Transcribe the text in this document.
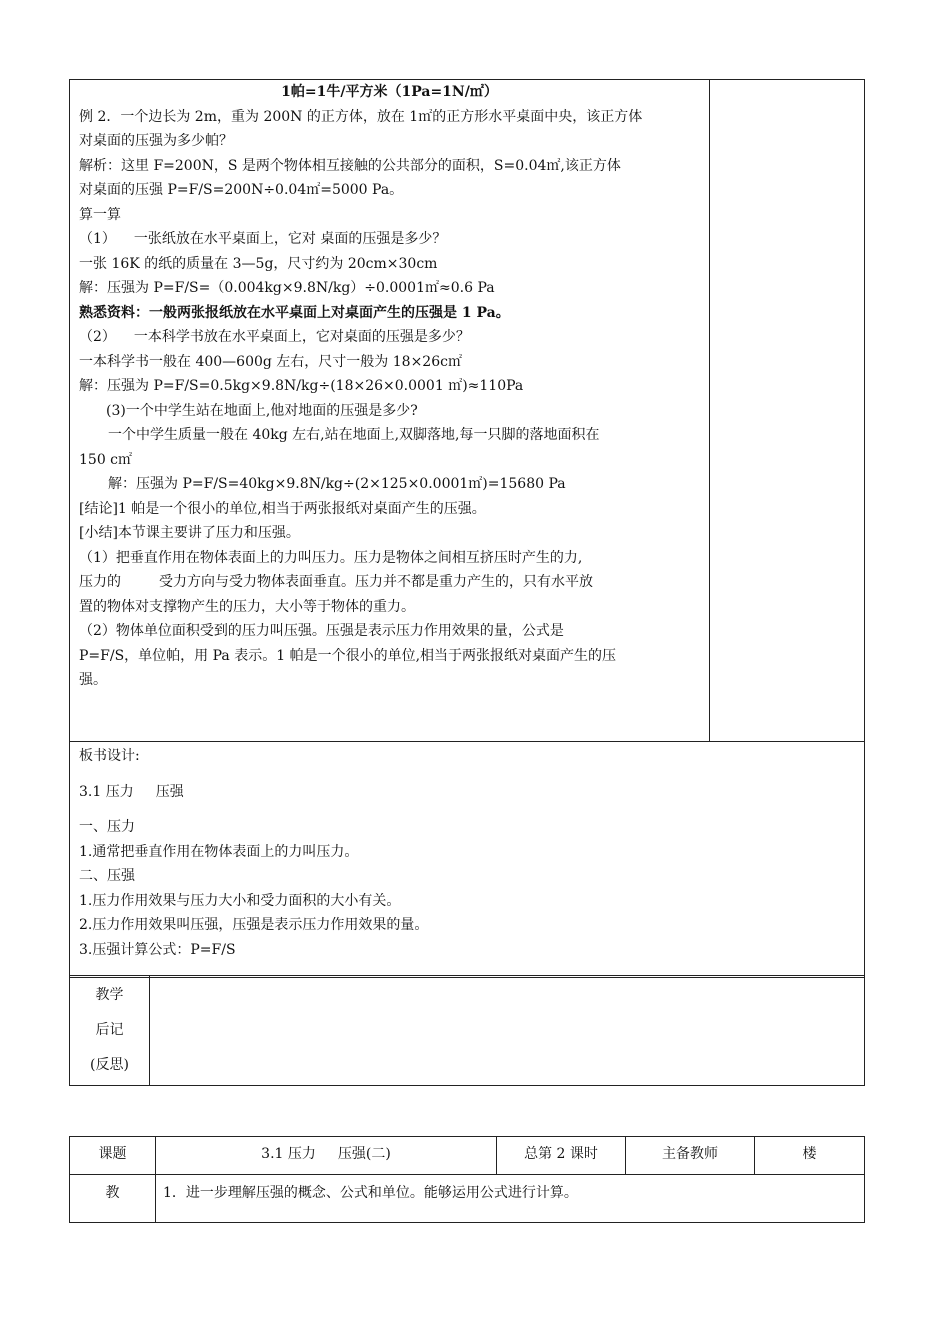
1帕=1牛/平方米（1Pa=1N/㎡）
例 2．一个边长为 2m，重为 200N 的正方体，放在 1㎡的正方形水平桌面中央，该正方体
对桌面的压强为多少帕？
解析：这里 F=200N，S 是两个物体相互接触的公共部分的面积，S=0.04㎡,该正方体
对桌面的压强 P=F/S=200N÷0.04㎡=5000 Pa。
算一算
（1） 一张纸放在水平桌面上，它对 桌面的压强是多少？
一张 16K 的纸的质量在 3—5g，尺寸约为 20cm×30cm
解：压强为 P=F/S=（0.004kg×9.8N/kg）÷0.0001㎡≈0.6 Pa
熟悉资料：一般两张报纸放在水平桌面上对桌面产生的压强是 1 Pa。
（2） 一本科学书放在水平桌面上，它对桌面的压强是多少？
一本科学书一般在 400—600g 左右，尺寸一般为 18×26c㎡
解：压强为 P=F/S=0.5kg×9.8N/kg÷(18×26×0.0001 ㎡)≈110Pa
(3)一个中学生站在地面上,他对地面的压强是多少?
一个中学生质量一般在 40kg 左右,站在地面上,双脚落地,每一只脚的落地面积在
150 c㎡
解：压强为 P=F/S=40kg×9.8N/kg÷(2×125×0.0001㎡)=15680 Pa
[结论]1 帕是一个很小的单位,相当于两张报纸对桌面产生的压强。
[小结]本节课主要讲了压力和压强。
（1）把垂直作用在物体表面上的力叫压力。压力是物体之间相互挤压时产生的力,
压力的	受力方向与受力物体表面垂直。压力并不都是重力产生的，只有水平放
置的物体对支撑物产生的压力，大小等于物体的重力。
（2）物体单位面积受到的压力叫压强。压强是表示压力作用效果的量，公式是
P=F/S，单位帕，用 Pa 表示。1 帕是一个很小的单位,相当于两张报纸对桌面产生的压
强。

板书设计:
3.1 压力 压强
一、压力
1.通常把垂直作用在物体表面上的力叫压力。
二、压强
1.压力作用效果与压力大小和受力面积的大小有关。
2.压力作用效果叫压强，压强是表示压力作用效果的量。
3.压强计算公式：P=F/S
教学
后记
(反思)

课题	3.1 压力 压强(二)	总第 2 课时	主备教师	楼
教	1．进一步理解压强的概念、公式和单位。能够运用公式进行计算。			
